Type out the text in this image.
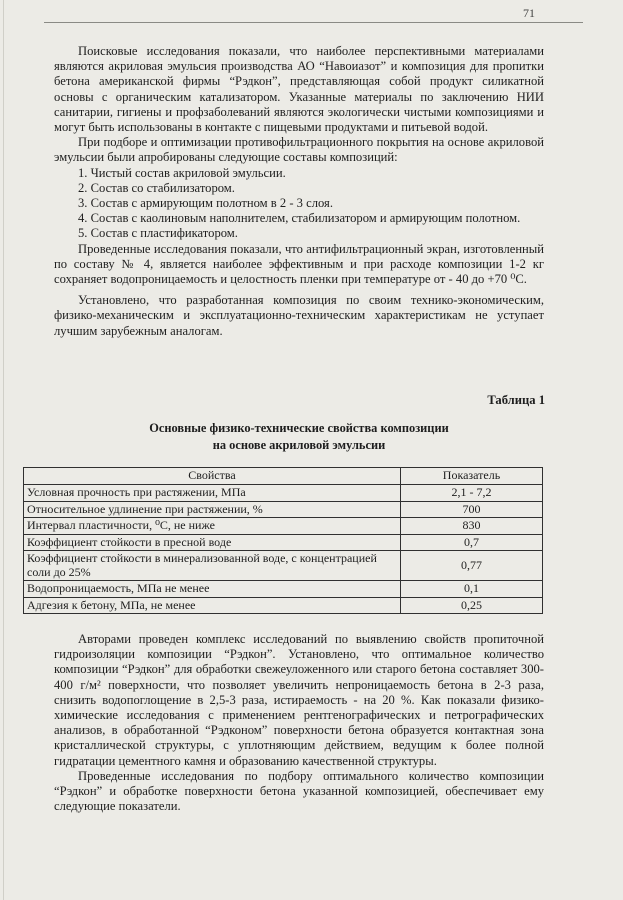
71

Поисковые исследования показали, что наиболее перспективными материалами являются акриловая эмульсия производства АО “Навоиазот” и композиция для пропитки бетона американской фирмы “Рэдкон”, представляющая собой продукт силикатной основы с органическим катализатором. Указанные материалы по заключению НИИ санитарии, гигиены и профзаболеваний являются экологически чистыми композициями и могут быть использованы в контакте с пищевыми продуктами и питьевой водой.

При подборе и оптимизации противофильтрационного покрытия на основе акриловой эмульсии были апробированы следующие составы композиций:

1. Чистый состав акриловой эмульсии.

2. Состав со стабилизатором.

3. Состав с армирующим полотном в 2 - 3 слоя.

4. Состав с каолиновым наполнителем, стабилизатором и армирующим полотном.

5. Состав с пластификатором.

Проведенные исследования показали, что антифильтрационный экран, изготовленный по составу № 4, является наиболее эффективным и при расходе композиции 1-2 кг сохраняет водопроницаемость и целостность пленки при температуре от - 40 до +70 ⁰С.

Установлено, что разработанная композиция по своим технико-экономическим, физико-механическим и эксплуатационно-техническим характеристикам не уступает лучшим зарубежным аналогам.

Таблица 1
Основные физико-технические свойства композиции
на основе акриловой эмульсии
Свойства	Показатель
Условная прочность при растяжении, МПа	2,1 - 7,2
Относительное удлинение при растяжении, %	700
Интервал пластичности, ⁰С, не ниже	830
Коэффициент стойкости в пресной воде	0,7
Коэффициент стойкости в минерализованной воде, с концентрацией соли до 25%	0,77
Водопроницаемость, МПа не менее	0,1
Адгезия к бетону, МПа, не менее	0,25

Авторами проведен комплекс исследований по выявлению свойств пропиточной гидроизоляции композиции “Рэдкон”. Установлено, что оптимальное количество композиции “Рэдкон” для обработки свежеуложенного или старого бетона составляет 300-400 г/м² поверхности, что позволяет увеличить непроницаемость бетона в 2-3 раза, снизить водопоглощение в 2,5-3 раза, истираемость - на 20 %. Как показали физико-химические исследования с применением рентгенографических и петрографических анализов, в обработанной “Рэдконом” поверхности бетона образуется контактная зона кристаллической структуры, с уплотняющим действием, ведущим к более полной гидратации цементного камня и образованию качественной структуры.

Проведенные исследования по подбору оптимального количество композиции “Рэдкон” и обработке поверхности бетона указанной композицией, обеспечивает ему следующие показатели.
